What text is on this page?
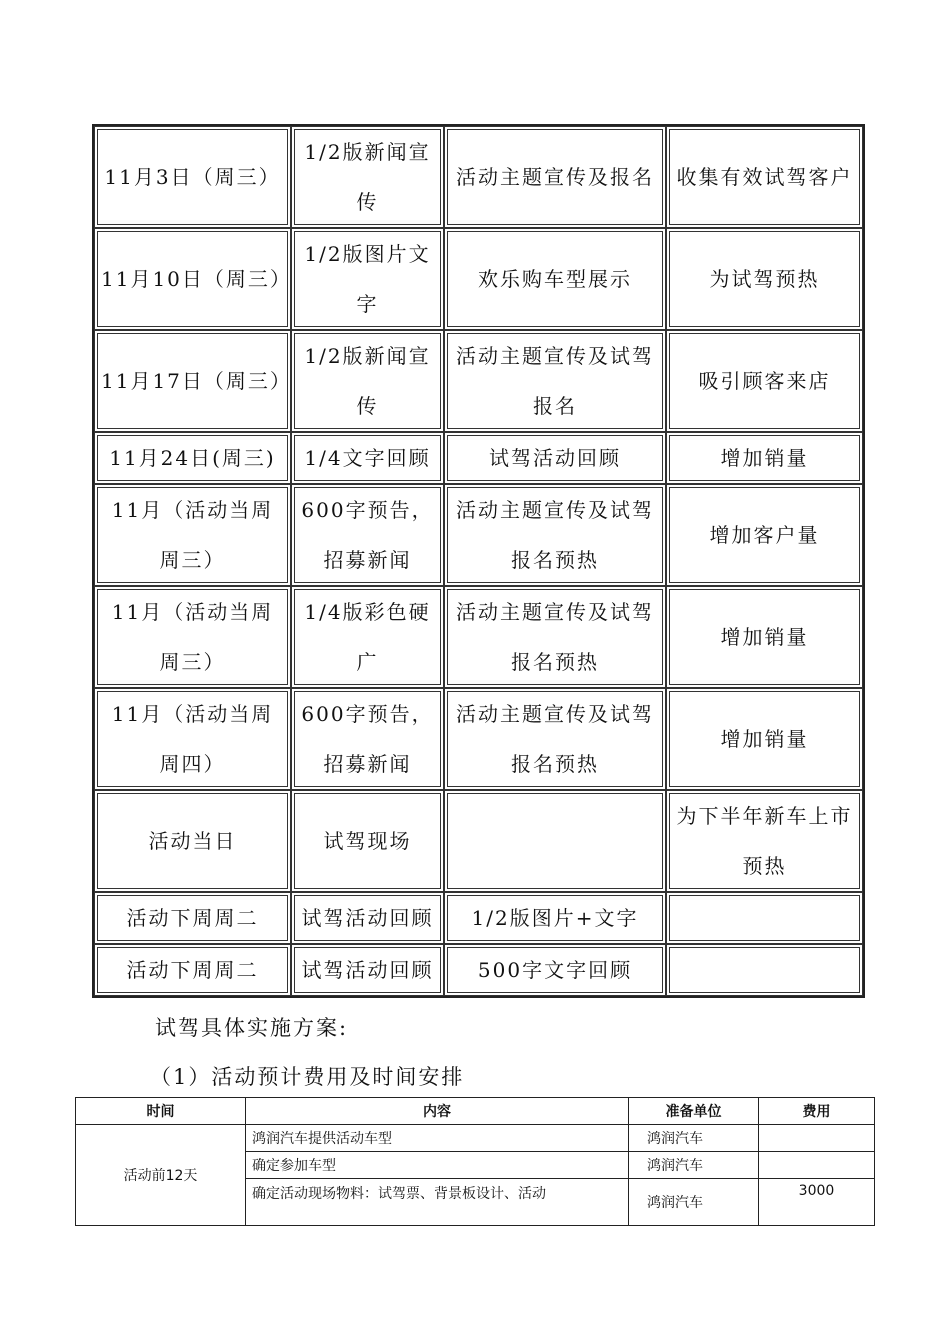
11月3日（周三）	1/2版新闻宣传	活动主题宣传及报名	收集有效试驾客户
11月10日（周三）	1/2版图片文字	欢乐购车型展示	为试驾预热
11月17日（周三）	1/2版新闻宣传	活动主题宣传及试驾报名	吸引顾客来店
11月24日(周三)	1/4文字回顾	试驾活动回顾	增加销量
11月（活动当周周三）	600字预告，招募新闻	活动主题宣传及试驾报名预热	增加客户量
11月（活动当周周三）	1/4版彩色硬广	活动主题宣传及试驾报名预热	增加销量
11月（活动当周周四）	600字预告，招募新闻	活动主题宣传及试驾报名预热	增加销量
活动当日	试驾现场		为下半年新车上市预热
活动下周周二	试驾活动回顾	1/2版图片+文字	
活动下周周二	试驾活动回顾	500字文字回顾	
试驾具体实施方案:
（1）活动预计费用及时间安排
时间	内容	准备单位	费用
活动前12天	鸿润汽车提供活动车型	鸿润汽车	
	确定参加车型	鸿润汽车	
	确定活动现场物料：试驾票、背景板设计、活动	鸿润汽车	3000
